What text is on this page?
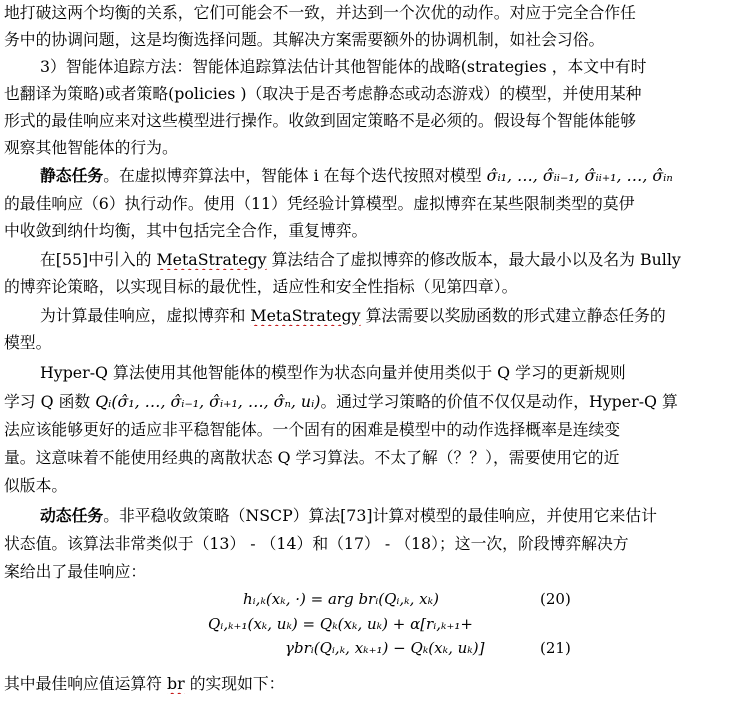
地打破这两个均衡的关系，它们可能会不一致，并达到一个次优的动作。对应于完全合作任

务中的协调问题，这是均衡选择问题。其解决方案需要额外的协调机制，如社会习俗。

3）智能体追踪方法：智能体追踪算法估计其他智能体的战略(strategies ，本文中有时

也翻译为策略)或者策略(policies )（取决于是否考虑静态或动态游戏）的模型，并使用某种

形式的最佳响应来对这些模型进行操作。收敛到固定策略不是必须的。假设每个智能体能够

观察其他智能体的行为。

静态任务。在虚拟博弈算法中，智能体 i 在每个迭代按照对模型 σ̂ᵢ₁, …, σ̂ᵢᵢ₋₁, σ̂ᵢᵢ₊₁, …, σ̂ᵢₙ

的最佳响应（6）执行动作。使用（11）凭经验计算模型。虚拟博弈在某些限制类型的莫伊

中收敛到纳什均衡，其中包括完全合作，重复博弈。

在[55]中引入的 MetaStrategy 算法结合了虚拟博弈的修改版本，最大最小以及名为 Bully

的博弈论策略，以实现目标的最优性，适应性和安全性指标（见第四章）。

为计算最佳响应，虚拟博弈和 MetaStrategy 算法需要以奖励函数的形式建立静态任务的

模型。

Hyper-Q 算法使用其他智能体的模型作为状态向量并使用类似于 Q 学习的更新规则

学习 Q 函数 Qᵢ(σ̂₁, …, σ̂ᵢ₋₁, σ̂ᵢ₊₁, …, σ̂ₙ, uᵢ)。通过学习策略的价值不仅仅是动作，Hyper-Q 算

法应该能够更好的适应非平稳智能体。一个固有的困难是模型中的动作选择概率是连续变

量。这意味着不能使用经典的离散状态 Q 学习算法。不太了解（？？），需要使用它的近

似版本。

动态任务。非平稳收敛策略（NSCP）算法[73]计算对模型的最佳响应，并使用它来估计

状态值。该算法非常类似于（13） - （14）和（17） - （18）；这一次，阶段博弈解决方

案给出了最佳响应：

hᵢ,ₖ(xₖ, ·) = arg brᵢ(Qᵢ,ₖ, xₖ)	(20)
Qᵢ,ₖ₊₁(xₖ, uₖ) = Qₖ(xₖ, uₖ) + α[rᵢ,ₖ₊₁+
γbrᵢ(Qᵢ,ₖ, xₖ₊₁) − Qₖ(xₖ, uₖ)]	(21)

其中最佳响应值运算符 br 的实现如下：
